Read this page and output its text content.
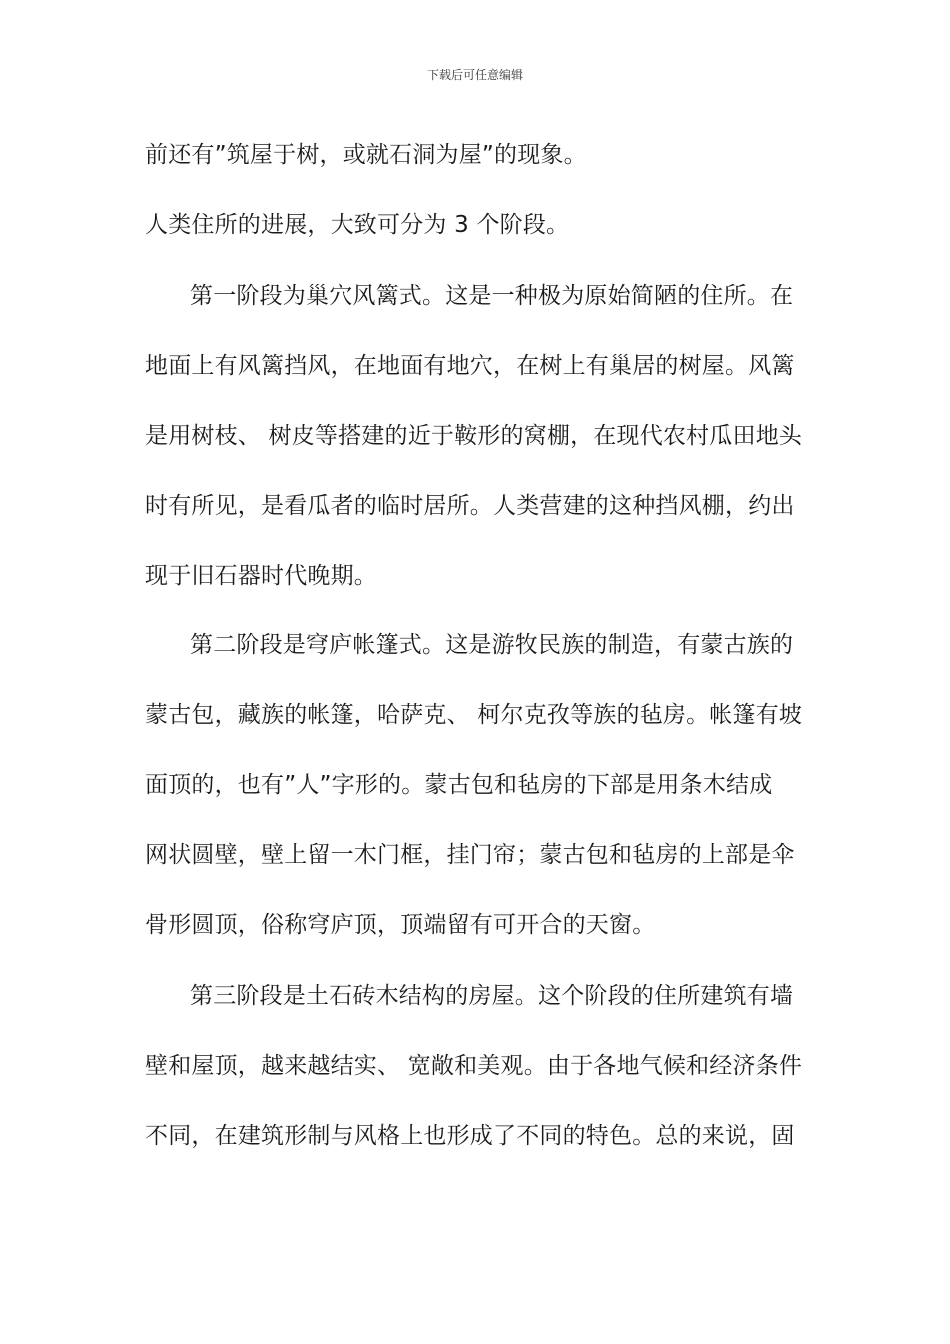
下载后可任意编辑
前还有”筑屋于树，或就石洞为屋”的现象。
人类住所的进展，大致可分为 3 个阶段。
第一阶段为巢穴风篱式。这是一种极为原始简陋的住所。在
地面上有风篱挡风，在地面有地穴，在树上有巢居的树屋。风篱
是用树枝、 树皮等搭建的近于鞍形的窝棚，在现代农村瓜田地头
时有所见，是看瓜者的临时居所。人类营建的这种挡风棚，约出
现于旧石器时代晚期。
第二阶段是穹庐帐篷式。这是游牧民族的制造，有蒙古族的
蒙古包，藏族的帐篷，哈萨克、 柯尔克孜等族的毡房。帐篷有坡
面顶的，也有”人”字形的。蒙古包和毡房的下部是用条木结成
网状圆壁，壁上留一木门框，挂门帘；蒙古包和毡房的上部是伞
骨形圆顶，俗称穹庐顶，顶端留有可开合的天窗。
第三阶段是土石砖木结构的房屋。这个阶段的住所建筑有墙
壁和屋顶，越来越结实、 宽敞和美观。由于各地气候和经济条件
不同，在建筑形制与风格上也形成了不同的特色。总的来说，固
